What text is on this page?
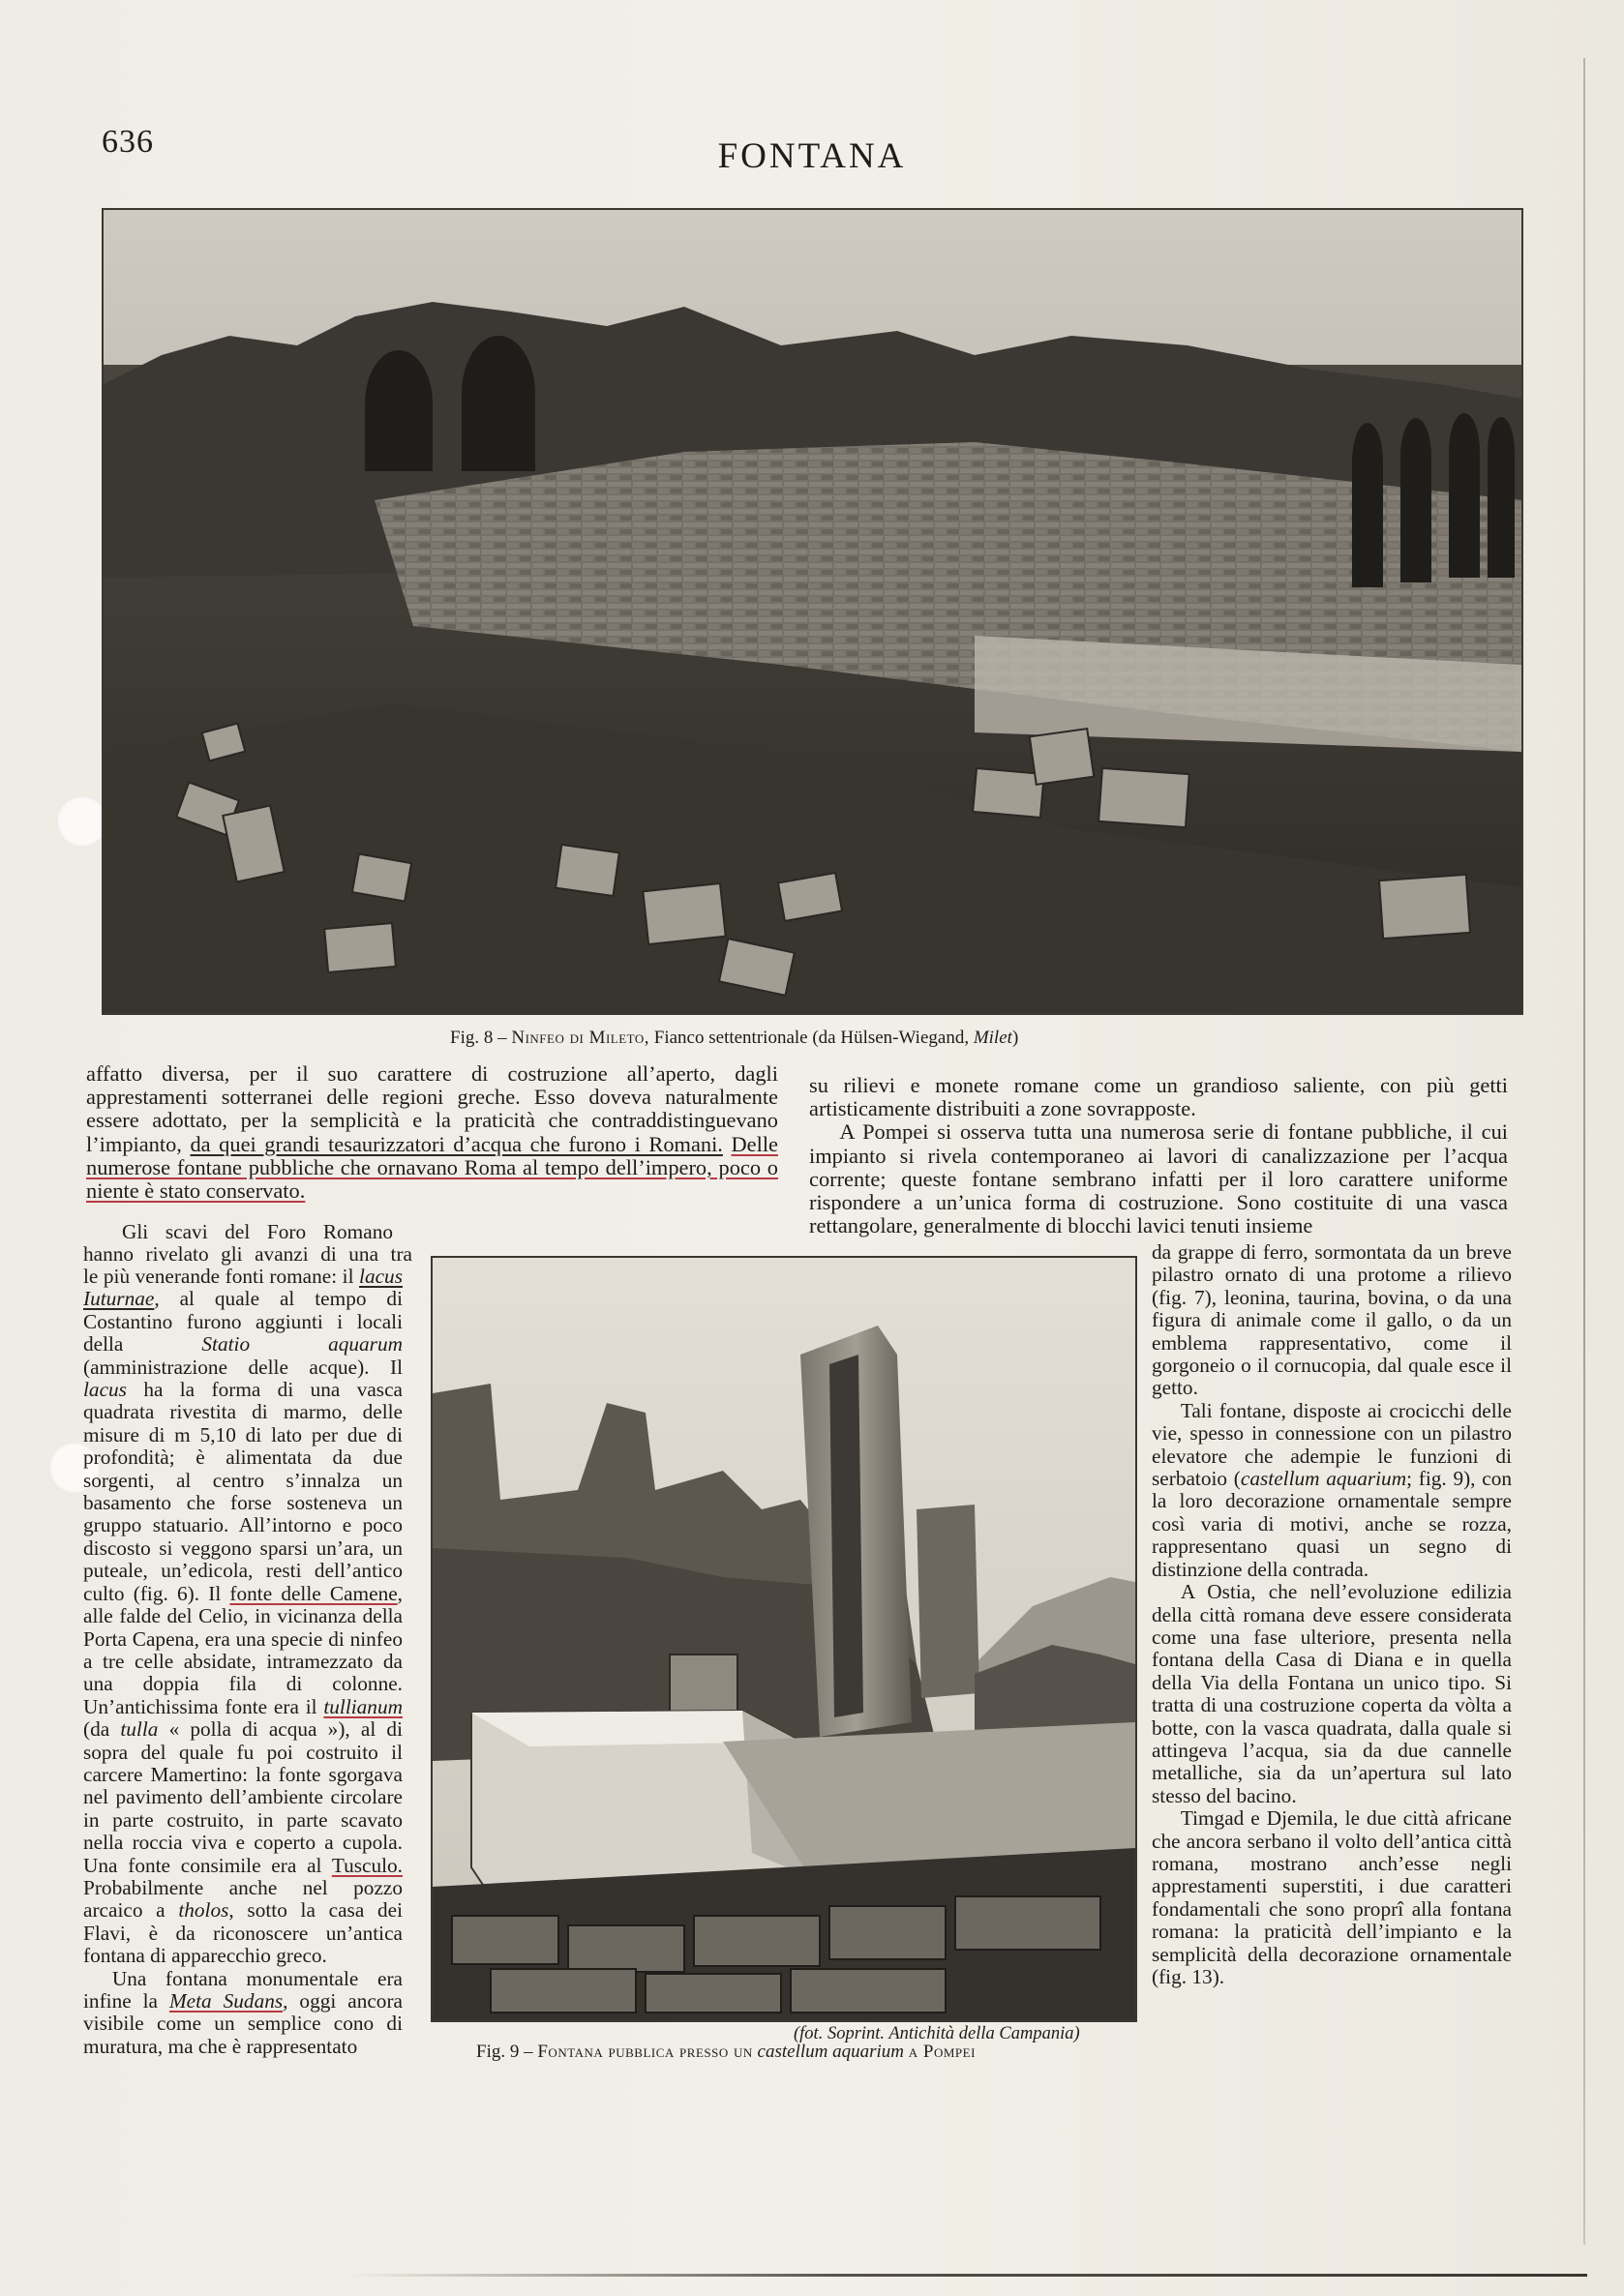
636	FONTANA
Fig. 8 – Ninfeo di Mileto, Fianco settentrionale (da Hülsen-Wiegand, Milet)

affatto diversa, per il suo carattere di costruzione all’aperto, dagli apprestamenti sotterranei delle regioni greche. Esso doveva naturalmente essere adottato, per la semplicità e la praticità che contraddistinguevano l’impianto, da quei grandi tesaurizzatori d’acqua che furono i Romani. Delle numerose fontane pubbliche che ornavano Roma al tempo dell’impero, poco o niente è stato conservato.

su rilievi e monete romane come un grandioso saliente, con più getti artisticamente distribuiti a zone sovrapposte.

A Pompei si osserva tutta una numerosa serie di fontane pubbliche, il cui impianto si rivela contemporaneo ai lavori di canalizzazione per l’acqua corrente; queste fontane sembrano infatti per il loro carattere uniforme rispondere a un’unica forma di costruzione. Sono costituite di una vasca rettangolare, generalmente di blocchi lavici tenuti insieme

(fot. Soprint. Antichità della Campania)
Fig. 9 – Fontana pubblica presso un castellum aquarium a Pompei
Gli scavi del Foro Romano
hanno rivelato gli avanzi di una tra

le più venerande fonti romane: il lacus Iuturnae, al quale al tempo di Costantino furono aggiunti i locali della Statio aquarum (amministrazione delle acque). Il lacus ha la forma di una vasca quadrata rivestita di marmo, delle misure di m 5,10 di lato per due di profondità; è alimentata da due sorgenti, al centro s’innalza un basamento che forse sosteneva un gruppo statuario. All’intorno e poco discosto si veggono sparsi un’ara, un puteale, un’edicola, resti dell’antico culto (fig. 6). Il fonte delle Camene, alle falde del Celio, in vicinanza della Porta Capena, era una specie di ninfeo a tre celle absidate, intramezzato da una doppia fila di colonne. Un’antichissima fonte era il tullianum (da tulla « polla di acqua »), al di sopra del quale fu poi costruito il carcere Mamertino: la fonte sgorgava nel pavimento dell’ambiente circolare in parte costruito, in parte scavato nella roccia viva e coperto a cupola. Una fonte consimile era al Tusculo. Probabilmente anche nel pozzo arcaico a tholos, sotto la casa dei Flavi, è da riconoscere un’antica fontana di apparecchio greco.

Una fontana monumentale era infine la Meta Sudans, oggi ancora visibile come un semplice cono di muratura, ma che è rappresentato

da grappe di ferro, sormontata da un breve pilastro ornato di una protome a rilievo (fig. 7), leonina, taurina, bovina, o da una figura di animale come il gallo, o da un emblema rappresentativo, come il gorgoneio o il cornucopia, dal quale esce il getto.

Tali fontane, disposte ai crocicchi delle vie, spesso in connessione con un pilastro elevatore che adempie le funzioni di serbatoio (castellum aquarium; fig. 9), con la loro decorazione ornamentale sempre così varia di motivi, anche se rozza, rappresentano quasi un segno di distinzione della contrada.

A Ostia, che nell’evoluzione edilizia della città romana deve essere considerata come una fase ulteriore, presenta nella fontana della Casa di Diana e in quella della Via della Fontana un unico tipo. Si tratta di una costruzione coperta da vòlta a botte, con la vasca quadrata, dalla quale si attingeva l’acqua, sia da due cannelle metalliche, sia da un’apertura sul lato stesso del bacino.

Timgad e Djemila, le due città africane che ancora serbano il volto dell’antica città romana, mostrano anch’esse negli apprestamenti superstiti, i due caratteri fondamentali che sono proprî alla fontana romana: la praticità dell’impianto e la semplicità della decorazione ornamentale (fig. 13).
